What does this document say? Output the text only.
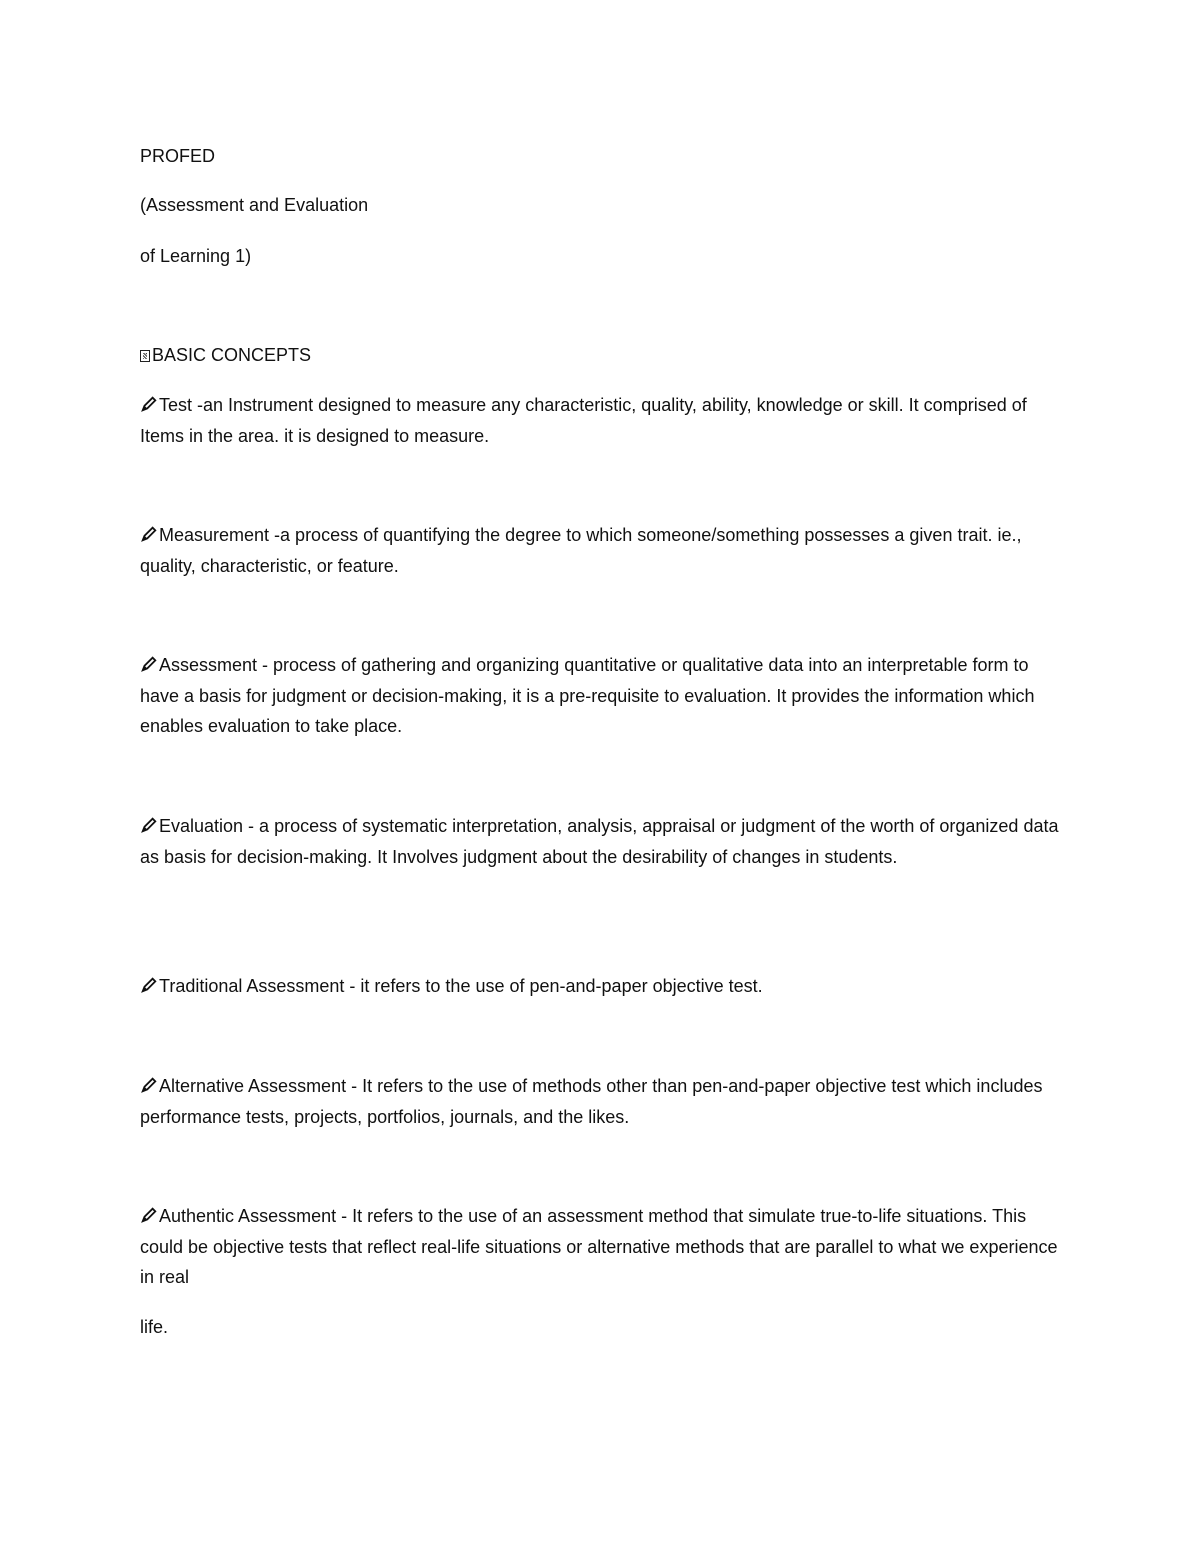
PROFED
(Assessment and Evaluation
of Learning 1)
BASIC CONCEPTS
Test -an Instrument designed to measure any characteristic, quality, ability, knowledge or skill. It comprised of Items in the area. it is designed to measure.
Measurement -a process of quantifying the degree to which someone/something possesses a given trait. ie., quality, characteristic, or feature.
Assessment - process of gathering and organizing quantitative or qualitative data into an interpretable form to have a basis for judgment or decision-making, it is a pre-requisite to evaluation. It provides the information which enables evaluation to take place.
Evaluation - a process of systematic interpretation, analysis, appraisal or judgment of the worth of organized data as basis for decision-making. It Involves judgment about the desirability of changes in students.
Traditional Assessment - it refers to the use of pen-and-paper objective test.
Alternative Assessment - It refers to the use of methods other than pen-and-paper objective test which includes performance tests, projects, portfolios, journals, and the likes.
Authentic Assessment - It refers to the use of an assessment method that simulate true-to-life situations. This could be objective tests that reflect real-life situations or alternative methods that are parallel to what we experience in real
life.
